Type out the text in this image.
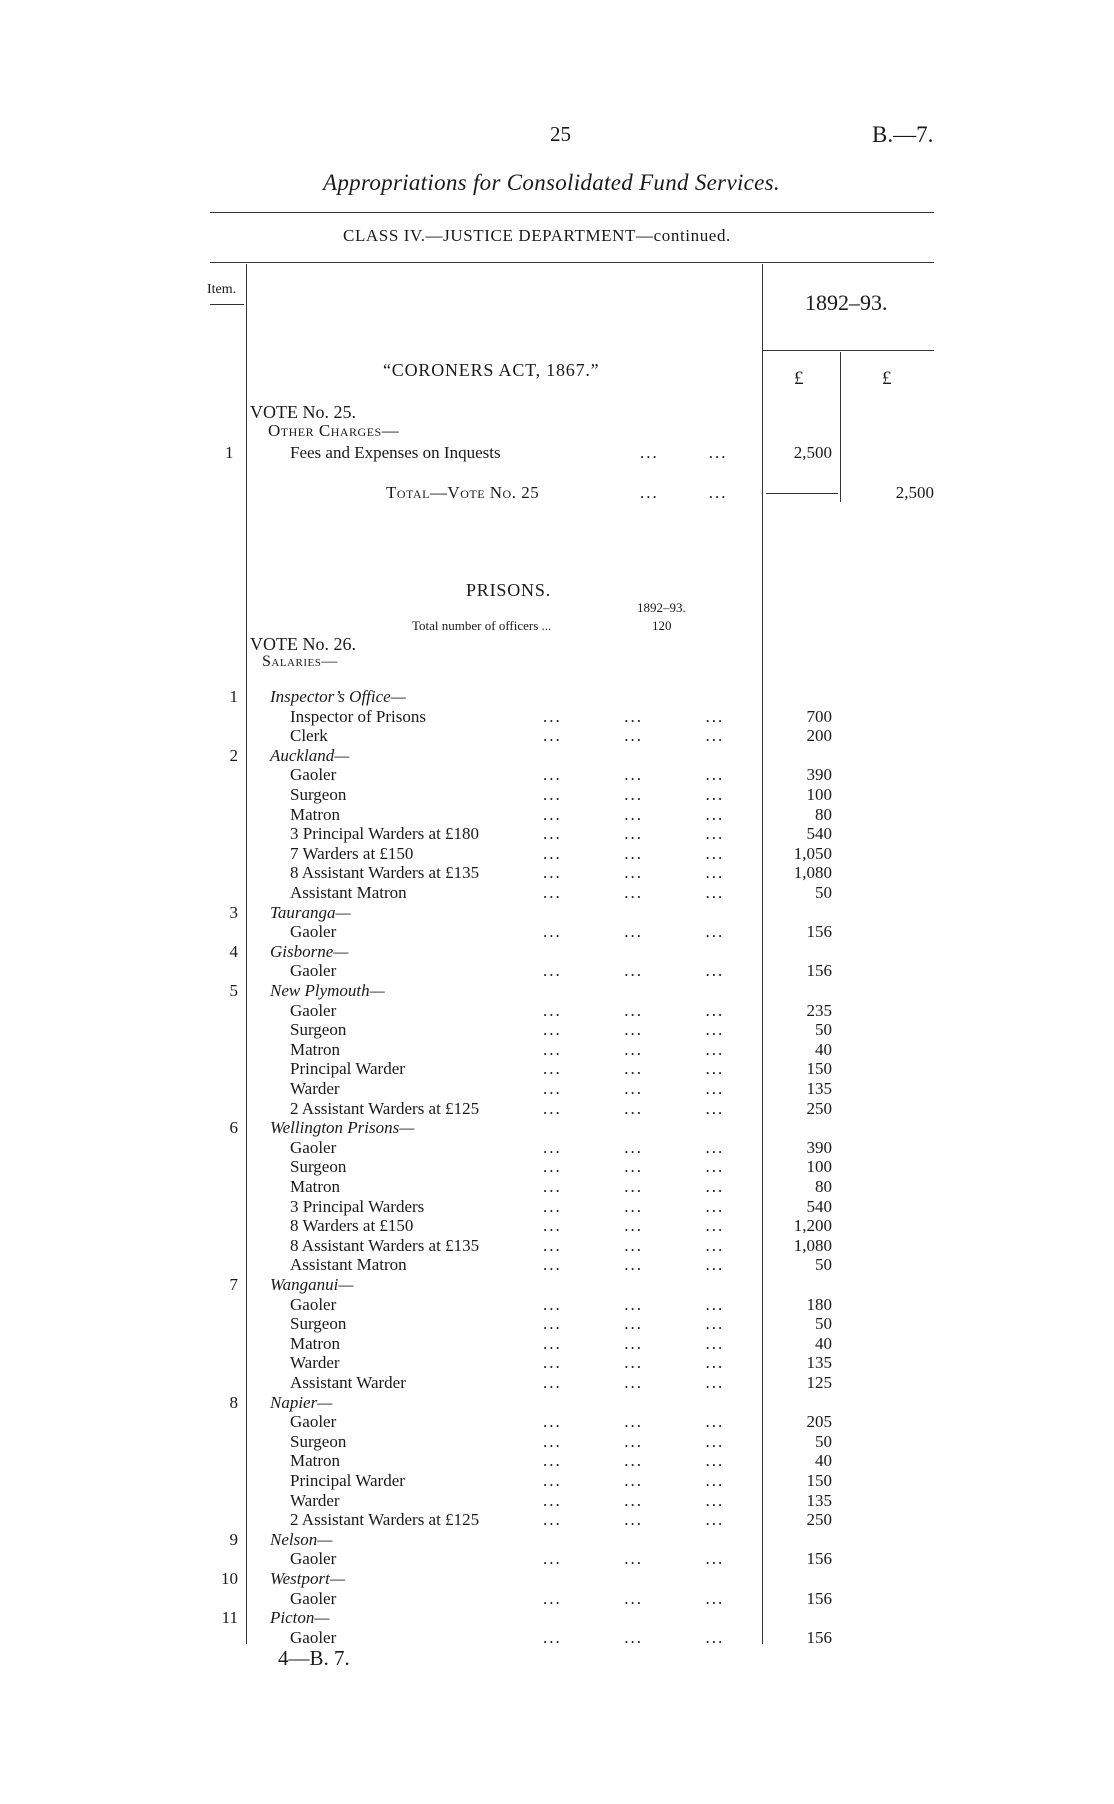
25	B.—7.
Appropriations for Consolidated Fund Services.
CLASS IV.—JUSTICE DEPARTMENT—continued.
Item.
1892–93.
£	£
“CORONERS ACT, 1867.”
VOTE No. 25.
Other Charges—
1	Fees and Expenses on Inquests	...        ...	2,500
Total—Vote No. 25	...        ...	2,500
PRISONS.
1892–93.
Total number of officers ...	120
VOTE No. 26.
Salaries—
1 Inspector’s Office—
Inspector of Prisons	...          ...          ...	700
Clerk	...          ...          ...	200
2 Auckland—
Gaoler	...          ...          ...	390
Surgeon	...          ...          ...	100
Matron	...          ...          ...	80
3 Principal Warders at £180	...          ...          ...	540
7 Warders at £150	...          ...          ...	1,050
8 Assistant Warders at £135	...          ...          ...	1,080
Assistant Matron	...          ...          ...	50
3 Tauranga—
Gaoler	...          ...          ...	156
4 Gisborne—
Gaoler	...          ...          ...	156
5 New Plymouth—
Gaoler	...          ...          ...	235
Surgeon	...          ...          ...	50
Matron	...          ...          ...	40
Principal Warder	...          ...          ...	150
Warder	...          ...          ...	135
2 Assistant Warders at £125	...          ...          ...	250
6 Wellington Prisons—
Gaoler	...          ...          ...	390
Surgeon	...          ...          ...	100
Matron	...          ...          ...	80
3 Principal Warders	...          ...          ...	540
8 Warders at £150	...          ...          ...	1,200
8 Assistant Warders at £135	...          ...          ...	1,080
Assistant Matron	...          ...          ...	50
7 Wanganui—
Gaoler	...          ...          ...	180
Surgeon	...          ...          ...	50
Matron	...          ...          ...	40
Warder	...          ...          ...	135
Assistant Warder	...          ...          ...	125
8 Napier—
Gaoler	...          ...          ...	205
Surgeon	...          ...          ...	50
Matron	...          ...          ...	40
Principal Warder	...          ...          ...	150
Warder	...          ...          ...	135
2 Assistant Warders at £125	...          ...          ...	250
9 Nelson—
Gaoler	...          ...          ...	156
10 Westport—
Gaoler	...          ...          ...	156
11 Picton—
Gaoler	...          ...          ...	156
4—B. 7.
